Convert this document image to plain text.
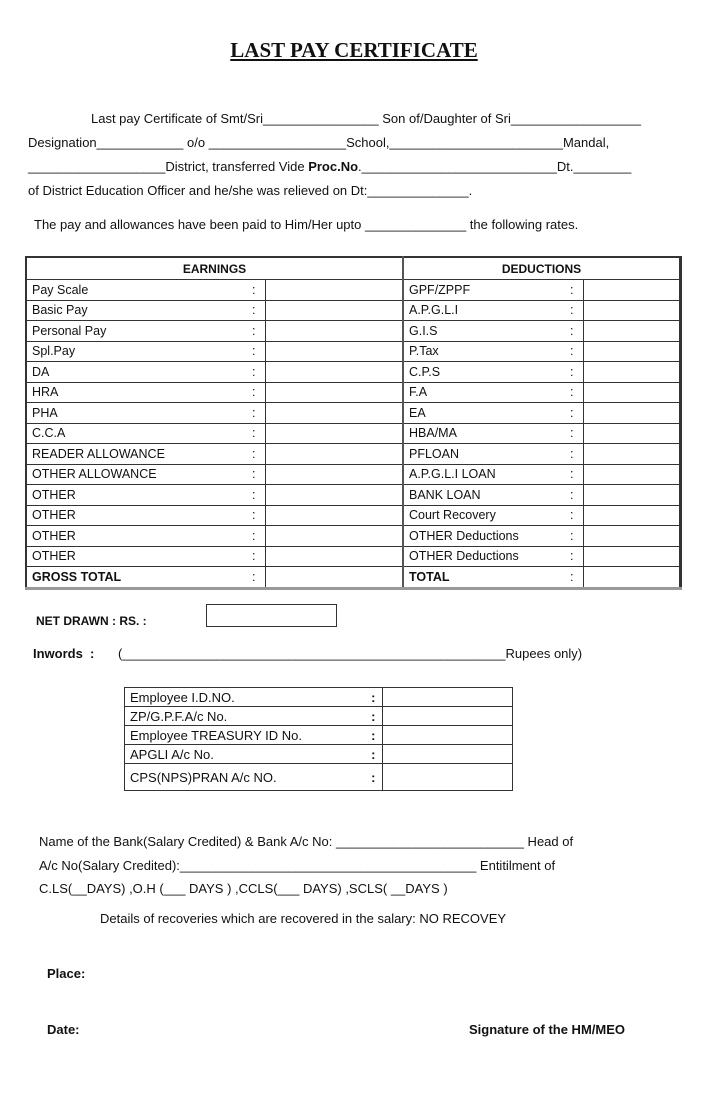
LAST PAY CERTIFICATE
Last pay Certificate of Smt/Sri________________ Son of/Daughter of Sri__________________
Designation____________ o/o ___________________School,________________________Mandal,
___________________District, transferred Vide Proc.No.___________________________Dt.________
of District Education Officer and he/she was relieved on Dt:______________.
The pay and allowances have been paid to Him/Her upto ______________ the following rates.
EARNINGS			DEDUCTIONS		
Pay Scale	:		GPF/ZPPF	:	
Basic Pay	:		A.P.G.L.I	:	
Personal Pay	:		G.I.S	:	
Spl.Pay	:		P.Tax	:	
DA	:		C.P.S	:	
HRA	:		F.A	:	
PHA	:		EA	:	
C.C.A	:		HBA/MA	:	
READER ALLOWANCE	:		PFLOAN	:	
OTHER ALLOWANCE	:		A.P.G.L.I LOAN	:	
OTHER	:		BANK LOAN	:	
OTHER	:		Court Recovery	:	
OTHER	:		OTHER Deductions	:	
OTHER	:		OTHER Deductions	:	
GROSS TOTAL	:		TOTAL	:	
NET DRAWN : RS. :
Inwords  : (_____________________________________________________Rupees only)
Employee I.D.NO.	:	
ZP/G.P.F.A/c No.	:	
Employee TREASURY ID No.	:	
APGLI A/c No.	:	
CPS(NPS)PRAN A/c NO.	:	
Name of the Bank(Salary Credited) & Bank A/c No: __________________________ Head of
A/c No(Salary Credited):_________________________________________ Entitilment of
C.LS(__DAYS) ,O.H (___ DAYS ) ,CCLS(___ DAYS) ,SCLS( __DAYS )
Details of recoveries which are recovered in the salary: NO RECOVEY
Place:
Date:	Signature of the HM/MEO
